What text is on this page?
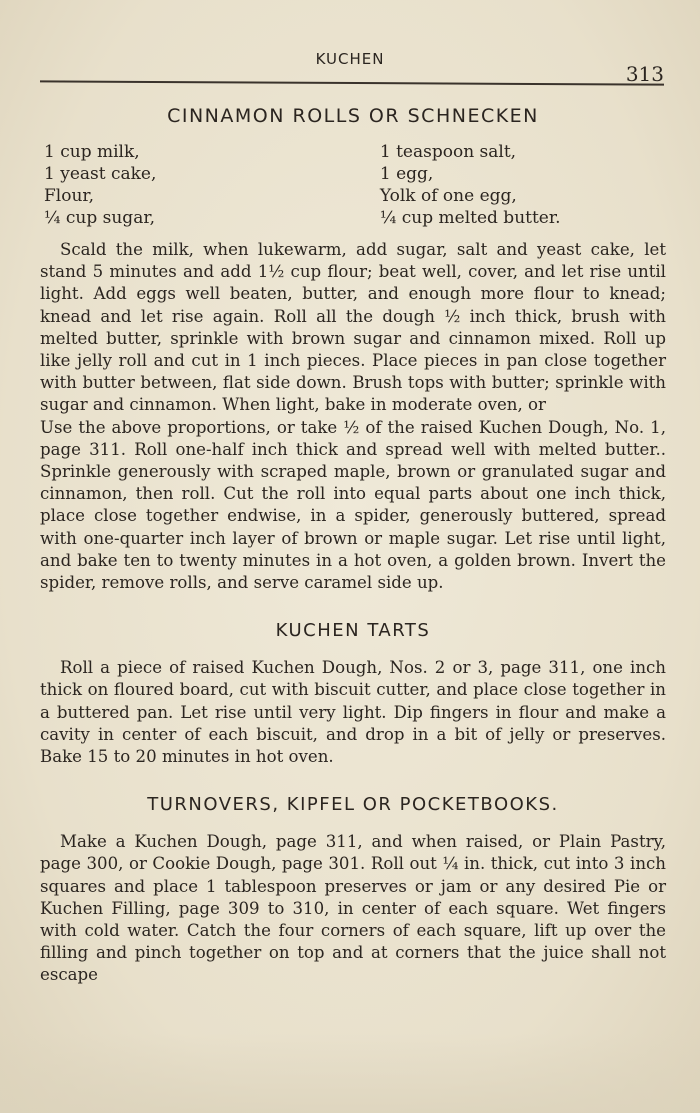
KUCHEN
313
CINNAMON ROLLS OR SCHNECKEN
1 cup milk,	1 teaspoon salt,
1 yeast cake,	1 egg,
Flour,	Yolk of one egg,
¼ cup sugar,	¼ cup melted butter.

Scald the milk, when lukewarm, add sugar, salt and yeast cake, let stand 5 minutes and add 1½ cup flour; beat well, cover, and let rise until light. Add eggs well beaten, butter, and enough more flour to knead; knead and let rise again. Roll all the dough ½ inch thick, brush with melted butter, sprinkle with brown sugar and cinnamon mixed. Roll up like jelly roll and cut in 1 inch pieces. Place pieces in pan close together with butter between, flat side down. Brush tops with butter; sprinkle with sugar and cinnamon. When light, bake in moderate oven, or

Use the above proportions, or take ½ of the raised Kuchen Dough, No. 1, page 311. Roll one-half inch thick and spread well with melted butter.. Sprinkle generously with scraped maple, brown or granulated sugar and cinnamon, then roll. Cut the roll into equal parts about one inch thick, place close together endwise, in a spider, generously buttered, spread with one-quarter inch layer of brown or maple sugar. Let rise until light, and bake ten to twenty minutes in a hot oven, a golden brown. Invert the spider, remove rolls, and serve caramel side up.

KUCHEN TARTS

Roll a piece of raised Kuchen Dough, Nos. 2 or 3, page 311, one inch thick on floured board, cut with biscuit cutter, and place close together in a buttered pan. Let rise until very light. Dip fingers in flour and make a cavity in center of each biscuit, and drop in a bit of jelly or preserves. Bake 15 to 20 minutes in hot oven.

TURNOVERS, KIPFEL OR POCKETBOOKS.

Make a Kuchen Dough, page 311, and when raised, or Plain Pastry, page 300, or Cookie Dough, page 301. Roll out ¼ in. thick, cut into 3 inch squares and place 1 tablespoon preserves or jam or any desired Pie or Kuchen Filling, page 309 to 310, in center of each square. Wet fingers with cold water. Catch the four corners of each square, lift up over the filling and pinch together on top and at corners that the juice shall not escape
